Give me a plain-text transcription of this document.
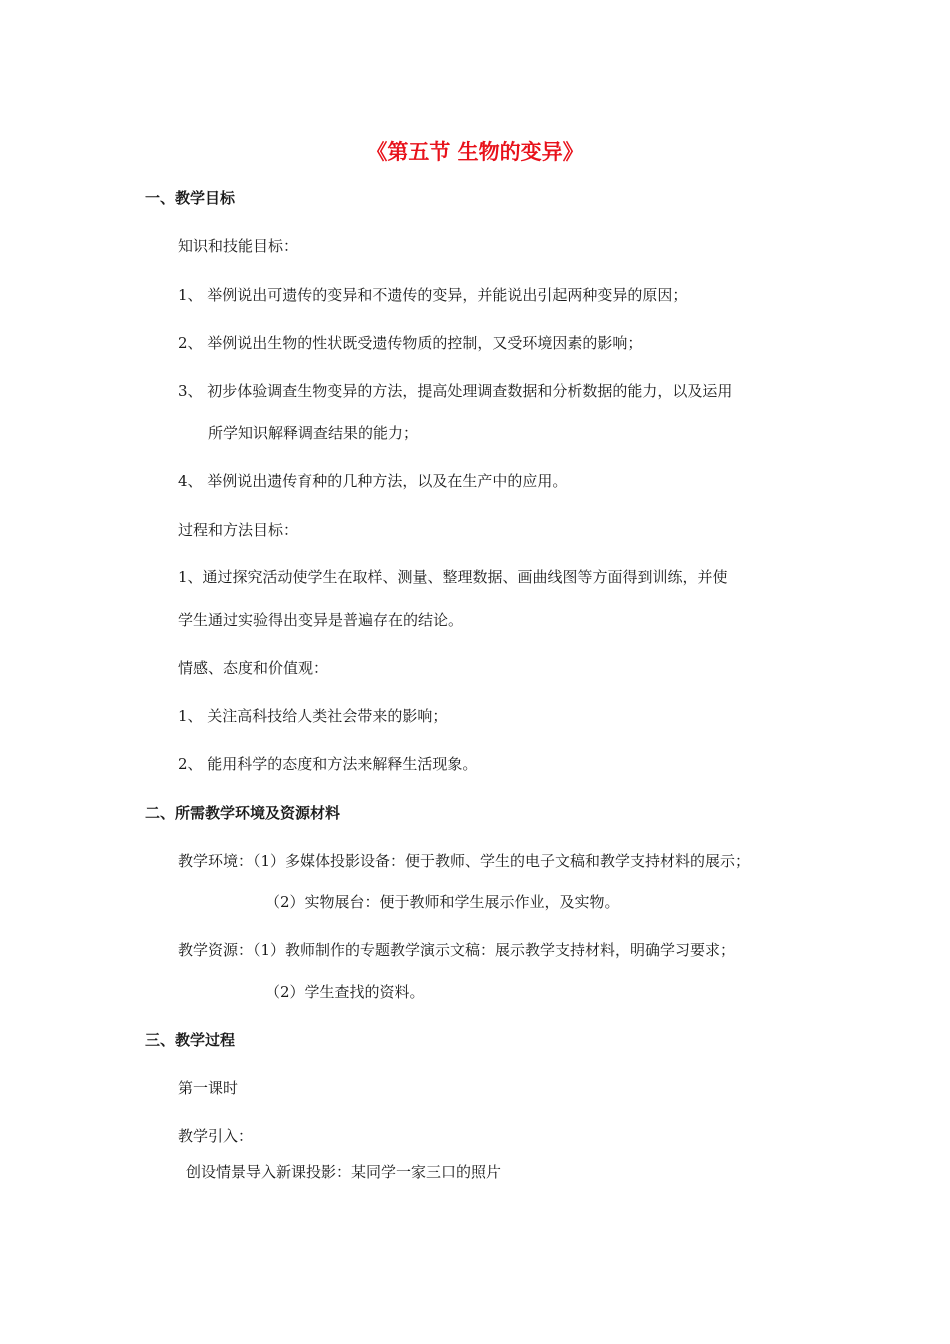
《第五节 生物的变异》
一、教学目标
知识和技能目标：
1、 举例说出可遗传的变异和不遗传的变异，并能说出引起两种变异的原因；
2、 举例说出生物的性状既受遗传物质的控制，又受环境因素的影响；
3、 初步体验调查生物变异的方法，提高处理调查数据和分析数据的能力，以及运用
所学知识解释调查结果的能力；
4、 举例说出遗传育种的几种方法，以及在生产中的应用。
过程和方法目标：
1、通过探究活动使学生在取样、测量、整理数据、画曲线图等方面得到训练，并使
学生通过实验得出变异是普遍存在的结论。
情感、态度和价值观：
1、 关注高科技给人类社会带来的影响；
2、 能用科学的态度和方法来解释生活现象。
二、所需教学环境及资源材料
教学环境：（1）多媒体投影设备：便于教师、学生的电子文稿和教学支持材料的展示；
（2）实物展台：便于教师和学生展示作业，及实物。
教学资源：（1）教师制作的专题教学演示文稿：展示教学支持材料，明确学习要求；
（2）学生查找的资料。
三、教学过程
第一课时
教学引入：
创设情景导入新课投影：某同学一家三口的照片
